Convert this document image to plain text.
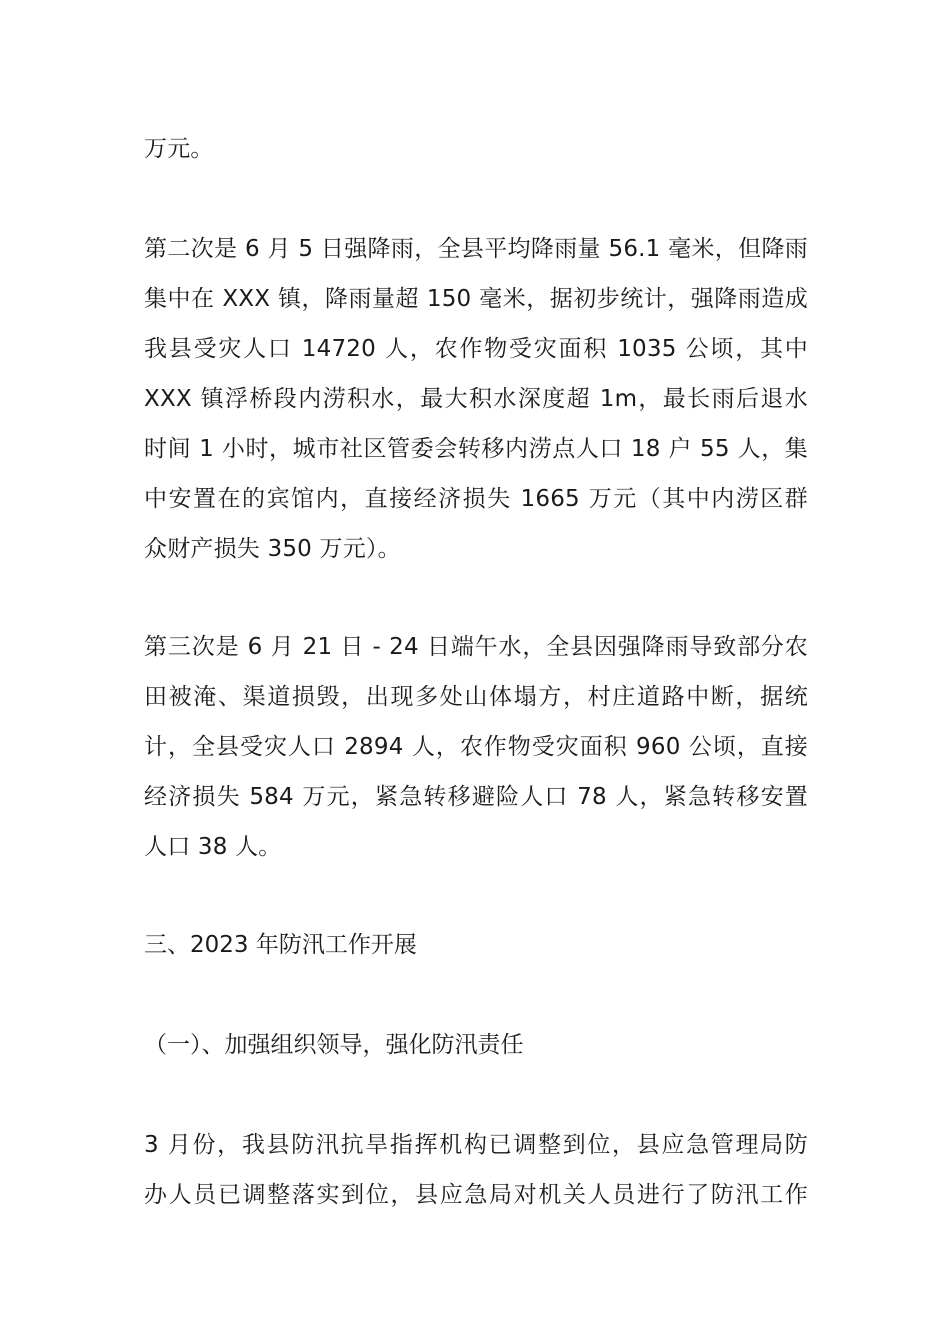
万元。
第二次是 6 月 5 日强降雨，全县平均降雨量 56.1 毫米，但降雨
集中在 XXX 镇，降雨量超 150 毫米，据初步统计，强降雨造成
我县受灾人口 14720 人，农作物受灾面积 1035 公顷，其中
XXX 镇浮桥段内涝积水，最大积水深度超 1m，最长雨后退水
时间 1 小时，城市社区管委会转移内涝点人口 18 户 55 人，集
中安置在的宾馆内，直接经济损失 1665 万元（其中内涝区群
众财产损失 350 万元）。
第三次是 6 月 21 日 - 24 日端午水，全县因强降雨导致部分农
田被淹、渠道损毁，出现多处山体塌方，村庄道路中断，据统
计，全县受灾人口 2894 人，农作物受灾面积 960 公顷，直接
经济损失 584 万元，紧急转移避险人口 78 人，紧急转移安置
人口 38 人。
三、2023 年防汛工作开展
（一）、加强组织领导，强化防汛责任
3 月份，我县防汛抗旱指挥机构已调整到位，县应急管理局防
办人员已调整落实到位，县应急局对机关人员进行了防汛工作
